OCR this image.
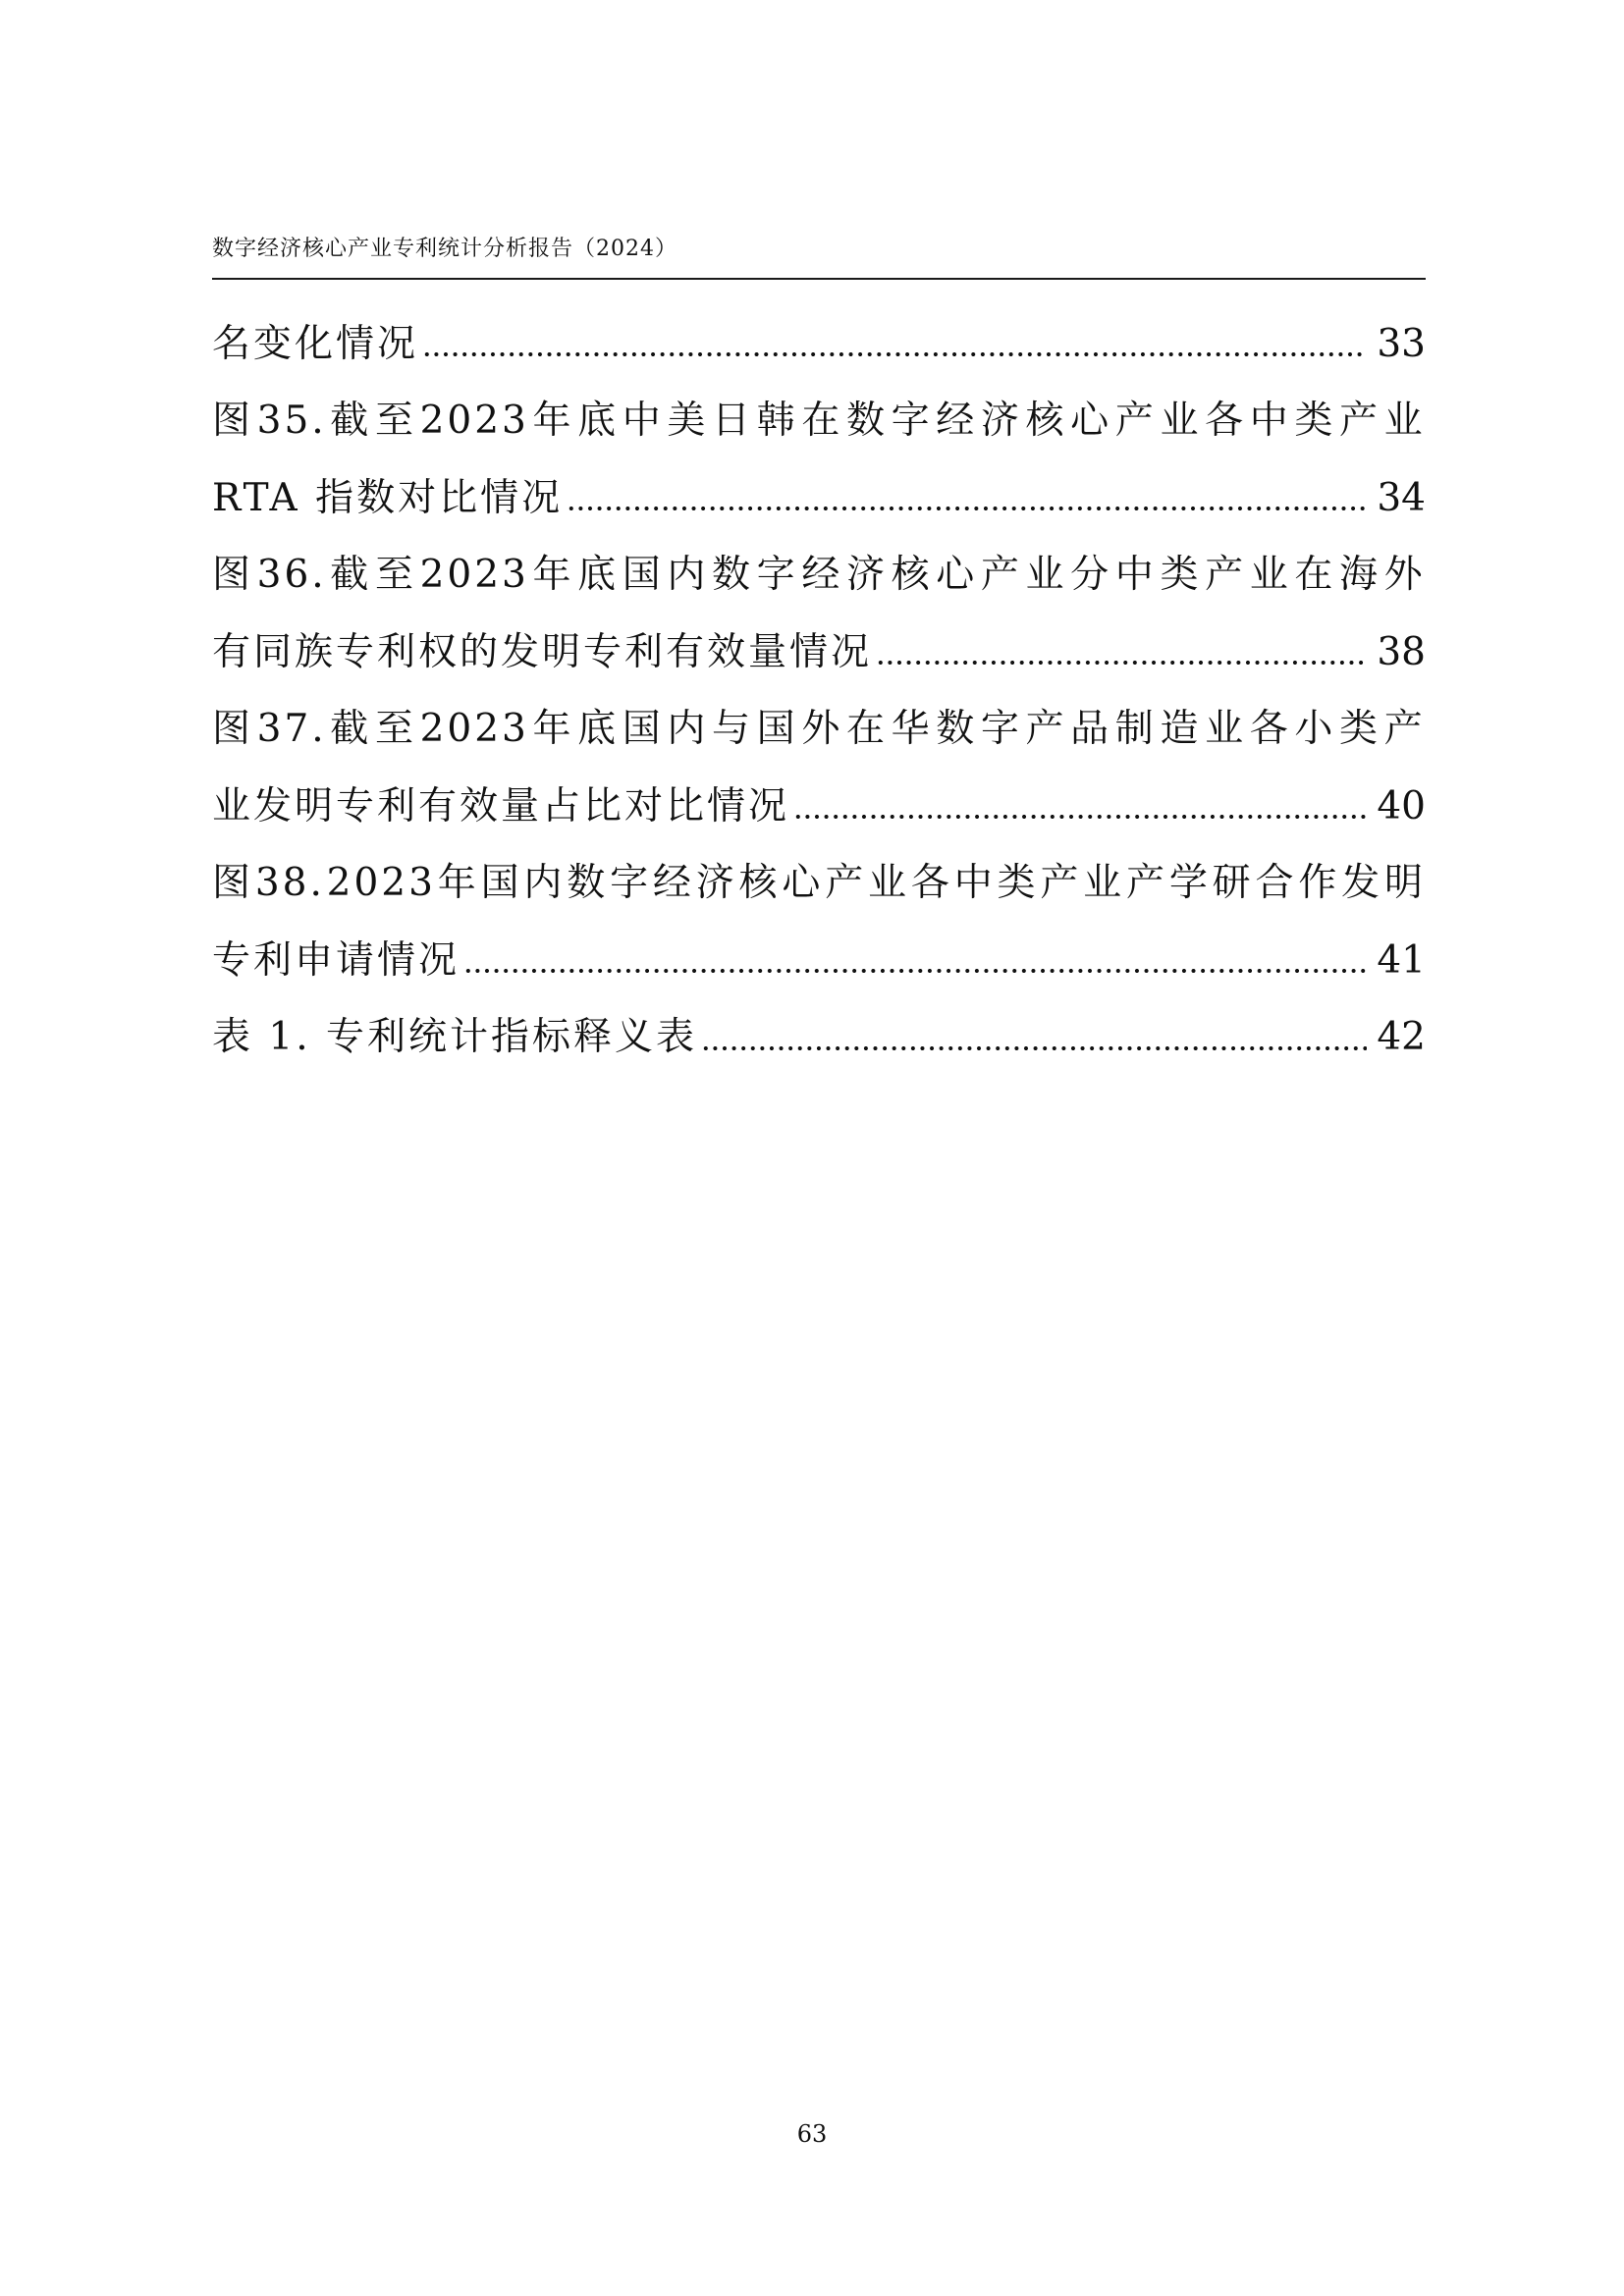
数字经济核心产业专利统计分析报告（2024）
名变化情况	33
图 35. 截 至 2023 年 底 中 美 日 韩 在 数 字 经 济 核 心 产 业 各 中 类 产 业
RTA 指数对比情况	34
图 36. 截 至 2023 年 底 国 内 数 字 经 济 核 心 产 业 分 中 类 产 业 在 海 外
有同族专利权的发明专利有效量情况	38
图 37. 截 至 2023 年 底 国 内 与 国 外 在 华 数 字 产 品 制 造 业 各 小 类 产
业发明专利有效量占比对比情况	40
图 38. 2023 年 国 内 数 字 经 济 核 心 产 业 各 中 类 产 业 产 学 研 合 作 发 明
专利申请情况	41
表 1. 专利统计指标释义表	42
63
